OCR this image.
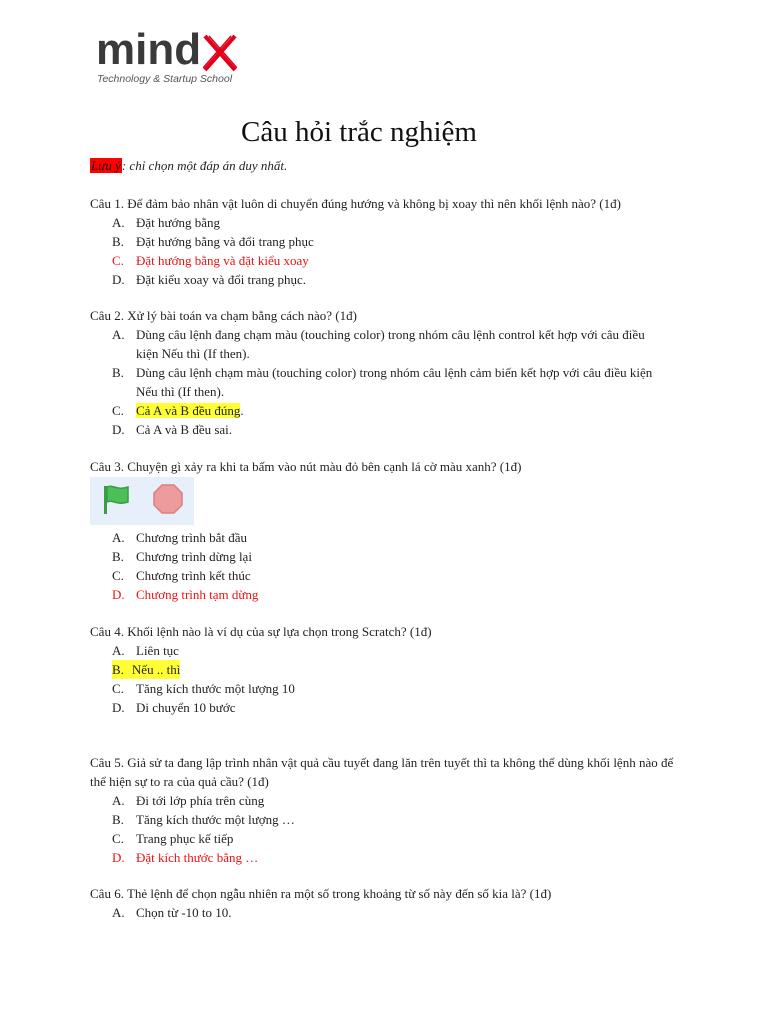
mind
Technology & Startup School
Câu hỏi trắc nghiệm
Lưu ý: chỉ chọn một đáp án duy nhất.

Câu 1. Để đảm bảo nhân vật luôn di chuyển đúng hướng và không bị xoay thì nên khối lệnh nào? (1đ)

A. Đặt hướng bằng
B. Đặt hướng bằng và đổi trang phục
C. Đặt hướng bằng và đặt kiểu xoay
D. Đặt kiểu xoay và đổi trang phục.

Câu 2. Xử lý bài toán va chạm bằng cách nào? (1đ)

A. Dùng câu lệnh đang chạm màu (touching color) trong nhóm câu lệnh control kết hợp với câu điều kiện Nếu thì (If then).
B. Dùng câu lệnh chạm màu (touching color) trong nhóm câu lệnh cảm biến kết hợp với câu điều kiện Nếu thì (If then).
C. Cả A và B đều đúng.
D. Cả A và B đều sai.

Câu 3. Chuyện gì xảy ra khi ta bấm vào nút màu đỏ bên cạnh lá cờ màu xanh? (1đ)

A. Chương trình bắt đầu
B. Chương trình dừng lại
C. Chương trình kết thúc
D. Chương trình tạm dừng

Câu 4. Khối lệnh nào là ví dụ của sự lựa chọn trong Scratch? (1đ)

A. Liên tục
B. Nếu .. thì
C. Tăng kích thước một lượng 10
D. Di chuyển 10 bước

Câu 5. Giả sử ta đang lập trình nhân vật quả cầu tuyết đang lăn trên tuyết thì ta không thể dùng khối lệnh nào để thể hiện sự to ra của quả cầu? (1đ)

A. Đi tới lớp phía trên cùng
B. Tăng kích thước một lượng …
C. Trang phục kế tiếp
D. Đặt kích thước bằng …

Câu 6. Thẻ lệnh để chọn ngẫu nhiên ra một số trong khoảng từ số này đến số kia là? (1đ)

A. Chọn từ -10 to 10.
